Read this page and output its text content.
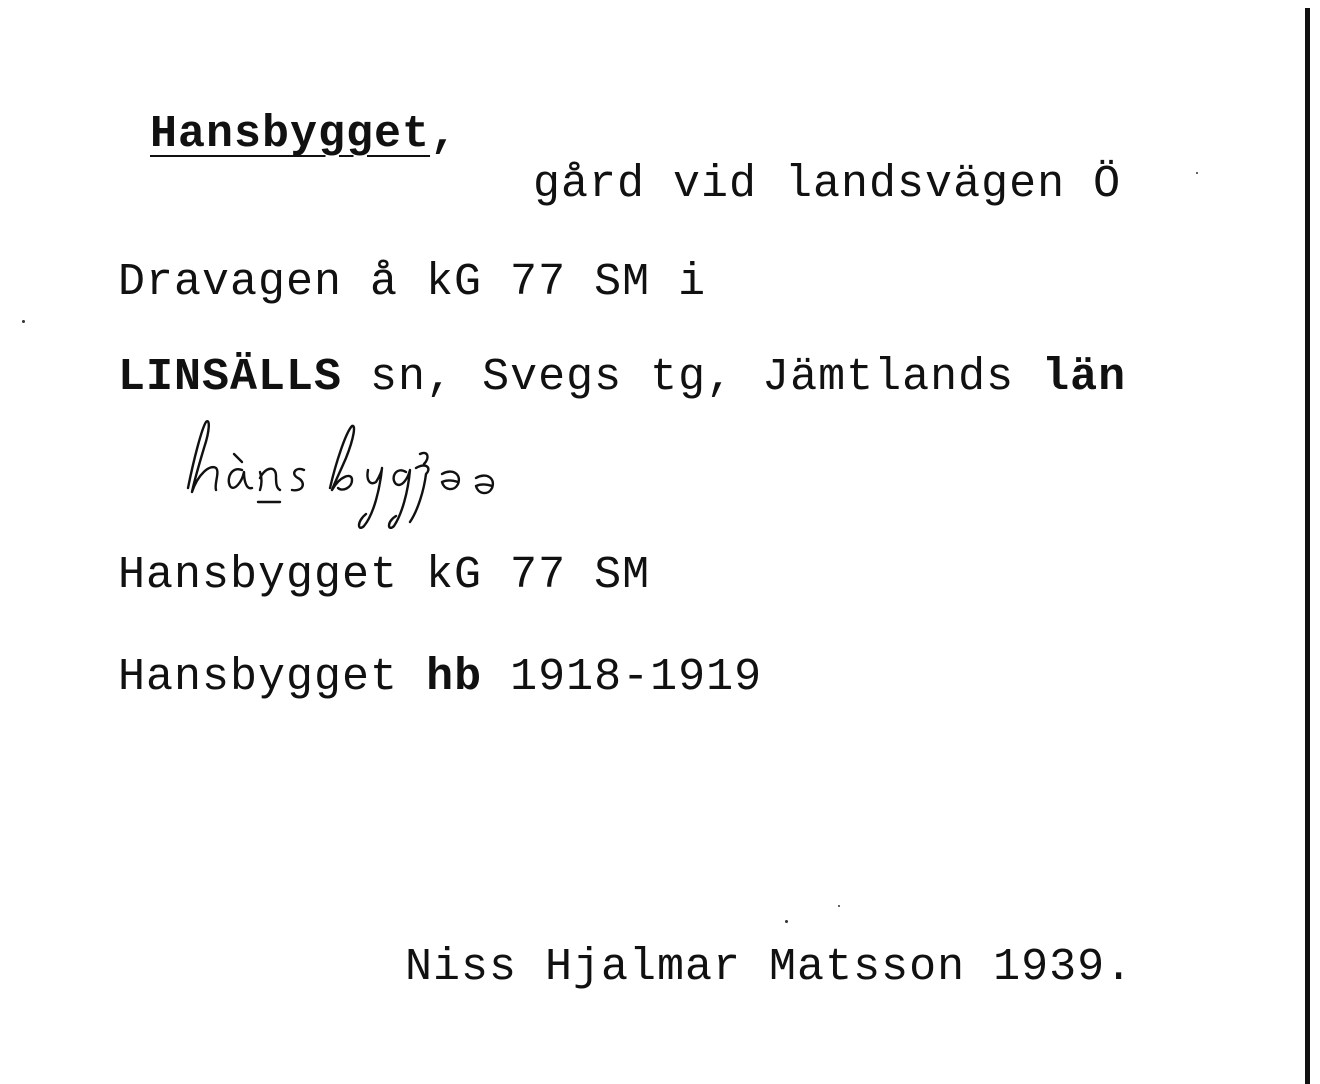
Hansbygget,
gård vid landsvägen Ö
Dravagen å kG 77 SM i
LINSÄLLS sn, Svegs tg, Jämtlands län
Hansbygget kG 77 SM
Hansbygget hb 1918-1919
Niss Hjalmar Matsson 1939.
